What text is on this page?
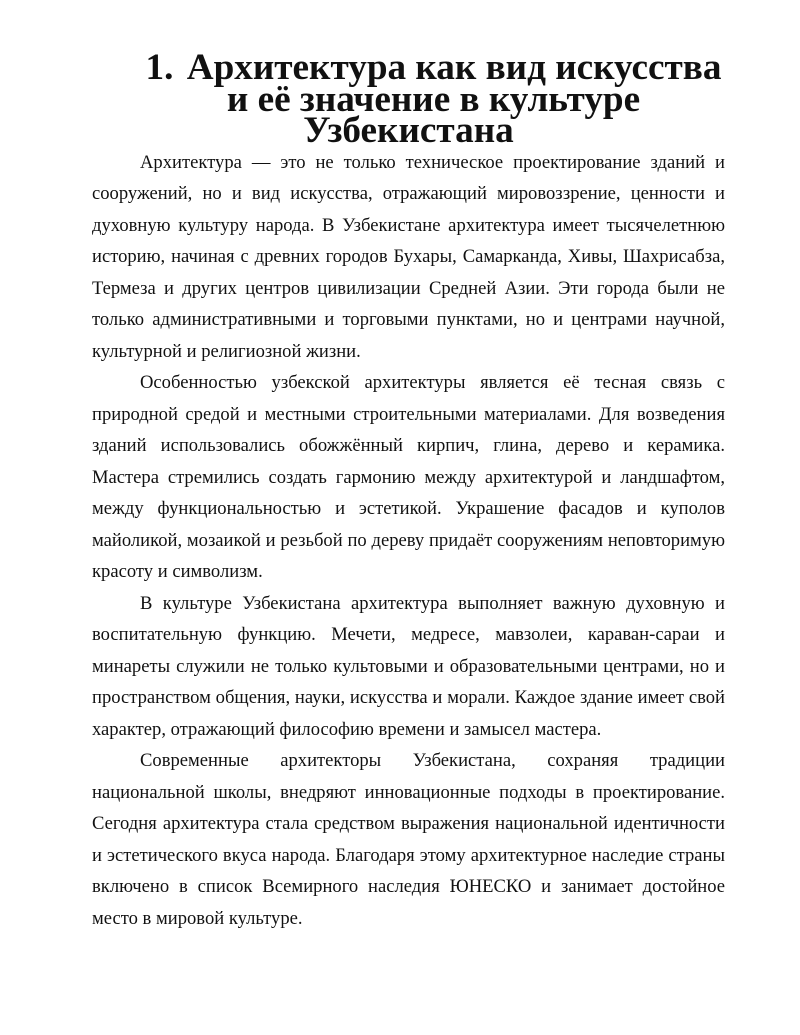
1. Архитектура как вид искусства и её значение в культуре
Узбекистана

Архитектура — это не только техническое проектирование зданий и сооружений, но и вид искусства, отражающий мировоззрение, ценности и духовную культуру народа. В Узбекистане архитектура имеет тысячелетнюю историю, начиная с древних городов Бухары, Самарканда, Хивы, Шахрисабза, Термеза и других центров цивилизации Средней Азии. Эти города были не только административными и торговыми пунктами, но и центрами научной, культурной и религиозной жизни.

Особенностью узбекской архитектуры является её тесная связь с природной средой и местными строительными материалами. Для возведения зданий использовались обожжённый кирпич, глина, дерево и керамика. Мастера стремились создать гармонию между архитектурой и ландшафтом, между функциональностью и эстетикой. Украшение фасадов и куполов майоликой, мозаикой и резьбой по дереву придаёт сооружениям неповторимую красоту и символизм.

В культуре Узбекистана архитектура выполняет важную духовную и воспитательную функцию. Мечети, медресе, мавзолеи, караван-сараи и минареты служили не только культовыми и образовательными центрами, но и пространством общения, науки, искусства и морали. Каждое здание имеет свой характер, отражающий философию времени и замысел мастера.

Современные архитекторы Узбекистана, сохраняя традиции национальной школы, внедряют инновационные подходы в проектирование. Сегодня архитектура стала средством выражения национальной идентичности и эстетического вкуса народа. Благодаря этому архитектурное наследие страны включено в список Всемирного наследия ЮНЕСКО и занимает достойное место в мировой культуре.
